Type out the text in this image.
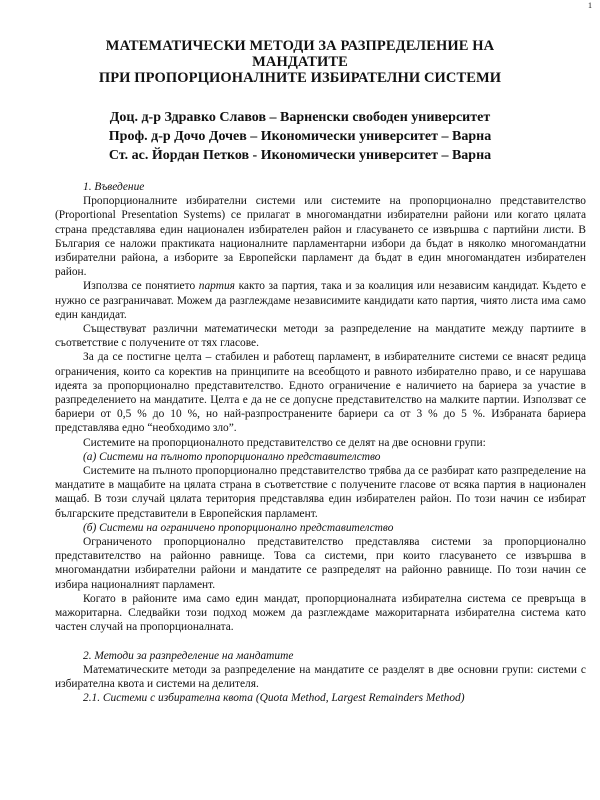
1
МАТЕМАТИЧЕСКИ МЕТОДИ ЗА РАЗПРЕДЕЛЕНИЕ НА
МАНДАТИТЕ
ПРИ ПРОПОРЦИОНАЛНИТЕ ИЗБИРАТЕЛНИ СИСТЕМИ
Доц. д-р Здравко Славов – Варненски свободен университет
Проф. д-р Дочо Дочев – Икономически университет – Варна
Ст. ас. Йордан Петков - Икономически университет – Варна
1. Въведение

Пропорционалните избирателни системи или системите на пропорционално представителство (Proportional Presentation Systems) се прилагат в многомандатни избирателни райони или когато цялата страна представлява един национален избирателен район и гласуването се извършва с партийни листи. В България се наложи практиката националните парламентарни избори да бъдат в няколко многомандатни избирателни района, а изборите за Европейски парламент да бъдат в един многомандатен избирателен район.

Използва се понятието партия както за партия, така и за коалиция или независим кандидат. Където е нужно се разграничават. Можем да разглеждаме независимите кандидати като партия, чиято листа има само един кандидат.

Съществуват различни математически методи за разпределение на мандатите между партиите в съответствие с получените от тях гласове.

За да се постигне целта – стабилен и работещ парламент, в избирателните системи се внасят редица ограничения, които са коректив на принципите на всеобщото и равното избирателно право, и се нарушава идеята за пропорционално представителство. Едното ограничение е наличието на бариера за участие в разпределението на мандатите. Целта е да не се допусне представителство на малките партии. Използват се бариери от 0,5 % до 10 %, но най-разпространените бариери са от 3 % до 5 %. Избраната бариера представлява едно “необходимо зло”.

Системите на пропорционалното представителство се делят на две основни групи:

(а) Системи на пълното пропорционално представителство

Системите на пълното пропорционално представителство трябва да се разбират като разпределение на мандатите в мащабите на цялата страна в съответствие с получените гласове от всяка партия в национален мащаб. В този случай цялата територия представлява един избирателен район. По този начин се избират българските представители в Европейския парламент.

(б) Системи на ограничено пропорционално представителство

Ограниченото пропорционално представителство представлява системи за пропорционално представителство на районно равнище. Това са системи, при които гласуването се извършва в многомандатни избирателни райони и мандатите се разпределят на районно равнище. По този начин се избира националният парламент.

Когато в районите има само един мандат, пропорционалната избирателна система се превръща в мажоритарна. Следвайки този подход можем да разглеждаме мажоритарната избирателна система като частен случай на пропорционалната.

2. Методи за разпределение на мандатите

Математическите методи за разпределение на мандатите се разделят в две основни групи: системи с избирателна квота и системи на делителя.

2.1. Системи с избирателна квота (Quota Method, Largest Remainders Method)
